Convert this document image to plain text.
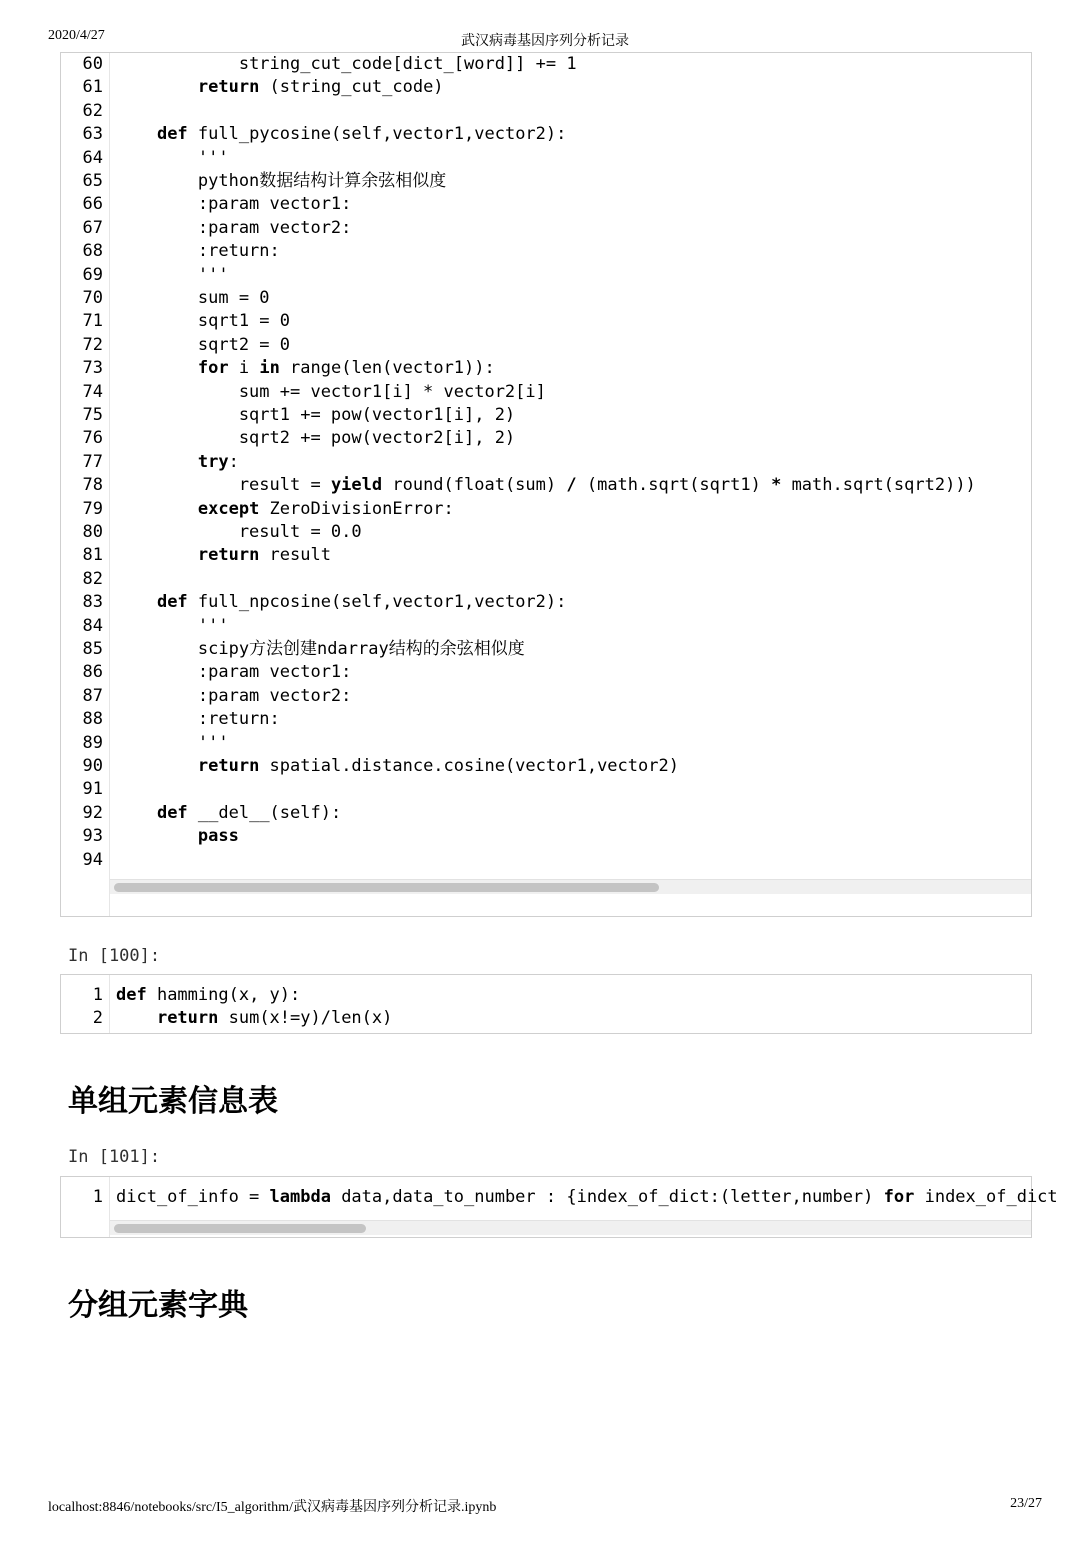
2020/4/27	武汉病毒基因序列分析记录
string_cut_code[dict_[word]] += 1
return (string_cut_code)
def full_pycosine(self,vector1,vector2):
'''
python数据结构计算余弦相似度
:param vector1:
:param vector2:
:return:
'''
sum = 0
sqrt1 = 0
sqrt2 = 0
for i in range(len(vector1)):
sum += vector1[i] * vector2[i]
sqrt1 += pow(vector1[i], 2)
sqrt2 += pow(vector2[i], 2)
try:
result = yield round(float(sum) / (math.sqrt(sqrt1) * math.sqrt(sqrt2)))
except ZeroDivisionError:
result = 0.0
return result
def full_npcosine(self,vector1,vector2):
'''
scipy方法创建ndarray结构的余弦相似度
:param vector1:
:param vector2:
:return:
'''
return spatial.distance.cosine(vector1,vector2)
def __del__(self):
pass
60
61
62
63
64
65
66
67
68
69
70
71
72
73
74
75
76
77
78
79
80
81
82
83
84
85
86
87
88
89
90
91
92
93
94
In [100]:
def hamming(x, y):
return sum(x!=y)/len(x)
1
2
单组元素信息表
In [101]:
dict_of_info = lambda data,data_to_number : {index_of_dict:(letter,number) for index_of_dict
1
分组元素字典
localhost:8846/notebooks/src/I5_algorithm/武汉病毒基因序列分析记录.ipynb	23/27
